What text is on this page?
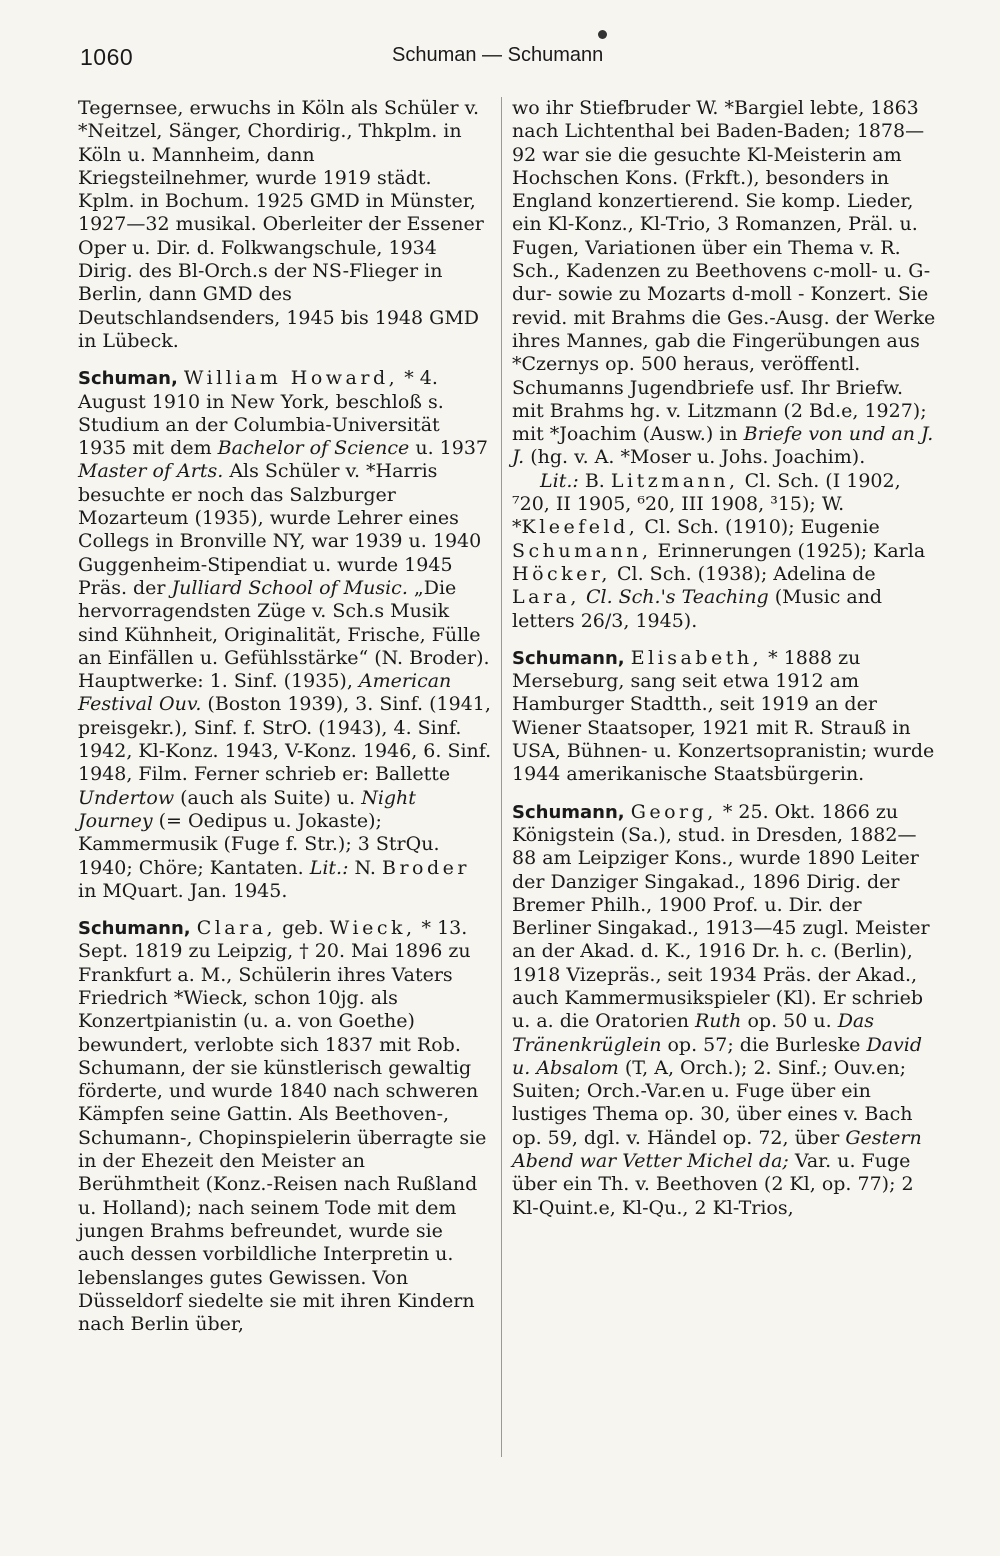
1060	Schuman — Schumann

Tegernsee, erwuchs in Köln als Schüler v. *Neitzel, Sänger, Chordirig., Thkplm. in Köln u. Mannheim, dann Kriegsteilnehmer, wurde 1919 städt. Kplm. in Bochum. 1925 GMD in Münster, 1927—32 musikal. Oberleiter der Essener Oper u. Dir. d. Folkwangschule, 1934 Dirig. des Bl-Orch.s der NS-Flieger in Berlin, dann GMD des Deutschlandsenders, 1945 bis 1948 GMD in Lübeck.

Schuman, William Howard, * 4. August 1910 in New York, beschloß s. Studium an der Columbia-Universität 1935 mit dem Bachelor of Science u. 1937 Master of Arts. Als Schüler v. *Harris besuchte er noch das Salzburger Mozarteum (1935), wurde Lehrer eines Collegs in Bronville NY, war 1939 u. 1940 Guggenheim-Stipendiat u. wurde 1945 Präs. der Julliard School of Music. „Die hervorragendsten Züge v. Sch.s Musik sind Kühnheit, Originalität, Frische, Fülle an Einfällen u. Gefühlsstärke“ (N. Broder). Hauptwerke: 1. Sinf. (1935), American Festival Ouv. (Boston 1939), 3. Sinf. (1941, preisgekr.), Sinf. f. StrO. (1943), 4. Sinf. 1942, Kl-Konz. 1943, V-Konz. 1946, 6. Sinf. 1948, Film. Ferner schrieb er: Ballette Undertow (auch als Suite) u. Night Journey (= Oedipus u. Jokaste); Kammermusik (Fuge f. Str.); 3 StrQu. 1940; Chöre; Kantaten. Lit.: N. Broder in MQuart. Jan. 1945.

Schumann, Clara, geb. Wieck, * 13. Sept. 1819 zu Leipzig, † 20. Mai 1896 zu Frankfurt a. M., Schülerin ihres Vaters Friedrich *Wieck, schon 10jg. als Konzertpianistin (u. a. von Goethe) bewundert, verlobte sich 1837 mit Rob. Schumann, der sie künstlerisch gewaltig förderte, und wurde 1840 nach schweren Kämpfen seine Gattin. Als Beethoven-, Schumann-, Chopinspielerin überragte sie in der Ehezeit den Meister an Berühmtheit (Konz.-Reisen nach Rußland u. Holland); nach seinem Tode mit dem jungen Brahms befreundet, wurde sie auch dessen vorbildliche Interpretin u. lebenslanges gutes Gewissen. Von Düsseldorf siedelte sie mit ihren Kindern nach Berlin über,

wo ihr Stiefbruder W. *Bargiel lebte, 1863 nach Lichtenthal bei Baden-Baden; 1878—92 war sie die gesuchte Kl-Meisterin am Hochschen Kons. (Frkft.), besonders in England konzertierend. Sie komp. Lieder, ein Kl-Konz., Kl-Trio, 3 Romanzen, Präl. u. Fugen, Variationen über ein Thema v. R. Sch., Kadenzen zu Beethovens c-moll- u. G-dur- sowie zu Mozarts d-moll - Konzert. Sie revid. mit Brahms die Ges.-Ausg. der Werke ihres Mannes, gab die Fingerübungen aus *Czernys op. 500 heraus, veröffentl. Schumanns Jugendbriefe usf. Ihr Briefw. mit Brahms hg. v. Litzmann (2 Bd.e, 1927); mit *Joachim (Ausw.) in Briefe von und an J. J. (hg. v. A. *Moser u. Johs. Joachim).

Lit.: B. Litzmann, Cl. Sch. (I 1902, ⁷20, II 1905, ⁶20, III 1908, ³15); W. *Kleefeld, Cl. Sch. (1910); Eugenie Schumann, Erinnerungen (1925); Karla Höcker, Cl. Sch. (1938); Adelina de Lara, Cl. Sch.'s Teaching (Music and letters 26/3, 1945).

Schumann, Elisabeth, * 1888 zu Merseburg, sang seit etwa 1912 am Hamburger Stadtth., seit 1919 an der Wiener Staatsoper, 1921 mit R. Strauß in USA, Bühnen- u. Konzertsopranistin; wurde 1944 amerikanische Staatsbürgerin.

Schumann, Georg, * 25. Okt. 1866 zu Königstein (Sa.), stud. in Dresden, 1882—88 am Leipziger Kons., wurde 1890 Leiter der Danziger Singakad., 1896 Dirig. der Bremer Philh., 1900 Prof. u. Dir. der Berliner Singakad., 1913—45 zugl. Meister an der Akad. d. K., 1916 Dr. h. c. (Berlin), 1918 Vizepräs., seit 1934 Präs. der Akad., auch Kammermusikspieler (Kl). Er schrieb u. a. die Oratorien Ruth op. 50 u. Das Tränenkrüglein op. 57; die Burleske David u. Absalom (T, A, Orch.); 2. Sinf.; Ouv.en; Suiten; Orch.-Var.en u. Fuge über ein lustiges Thema op. 30, über eines v. Bach op. 59, dgl. v. Händel op. 72, über Gestern Abend war Vetter Michel da; Var. u. Fuge über ein Th. v. Beethoven (2 Kl, op. 77); 2 Kl-Quint.e, Kl-Qu., 2 Kl-Trios,
